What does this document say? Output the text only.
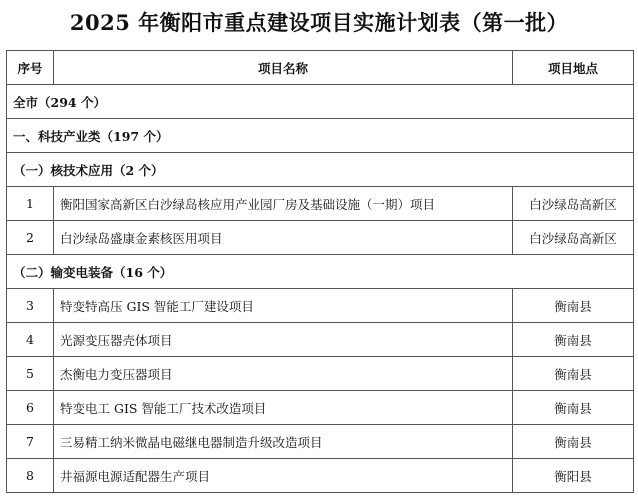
2025 年衡阳市重点建设项目实施计划表（第一批）
序号	项目名称	项目地点
全市（294 个）		
一、科技产业类（197 个）		
（一）核技术应用（2 个）		
1	衡阳国家高新区白沙绿岛核应用产业园厂房及基础设施（一期）项目	白沙绿岛高新区
2	白沙绿岛盛康金素核医用项目	白沙绿岛高新区
（二）输变电装备（16 个）		
3	特变特高压 GIS 智能工厂建设项目	衡南县
4	光源变压器壳体项目	衡南县
5	杰衡电力变压器项目	衡南县
6	特变电工 GIS 智能工厂技术改造项目	衡南县
7	三易精工纳米微晶电磁继电器制造升级改造项目	衡南县
8	井福源电源适配器生产项目	衡阳县
